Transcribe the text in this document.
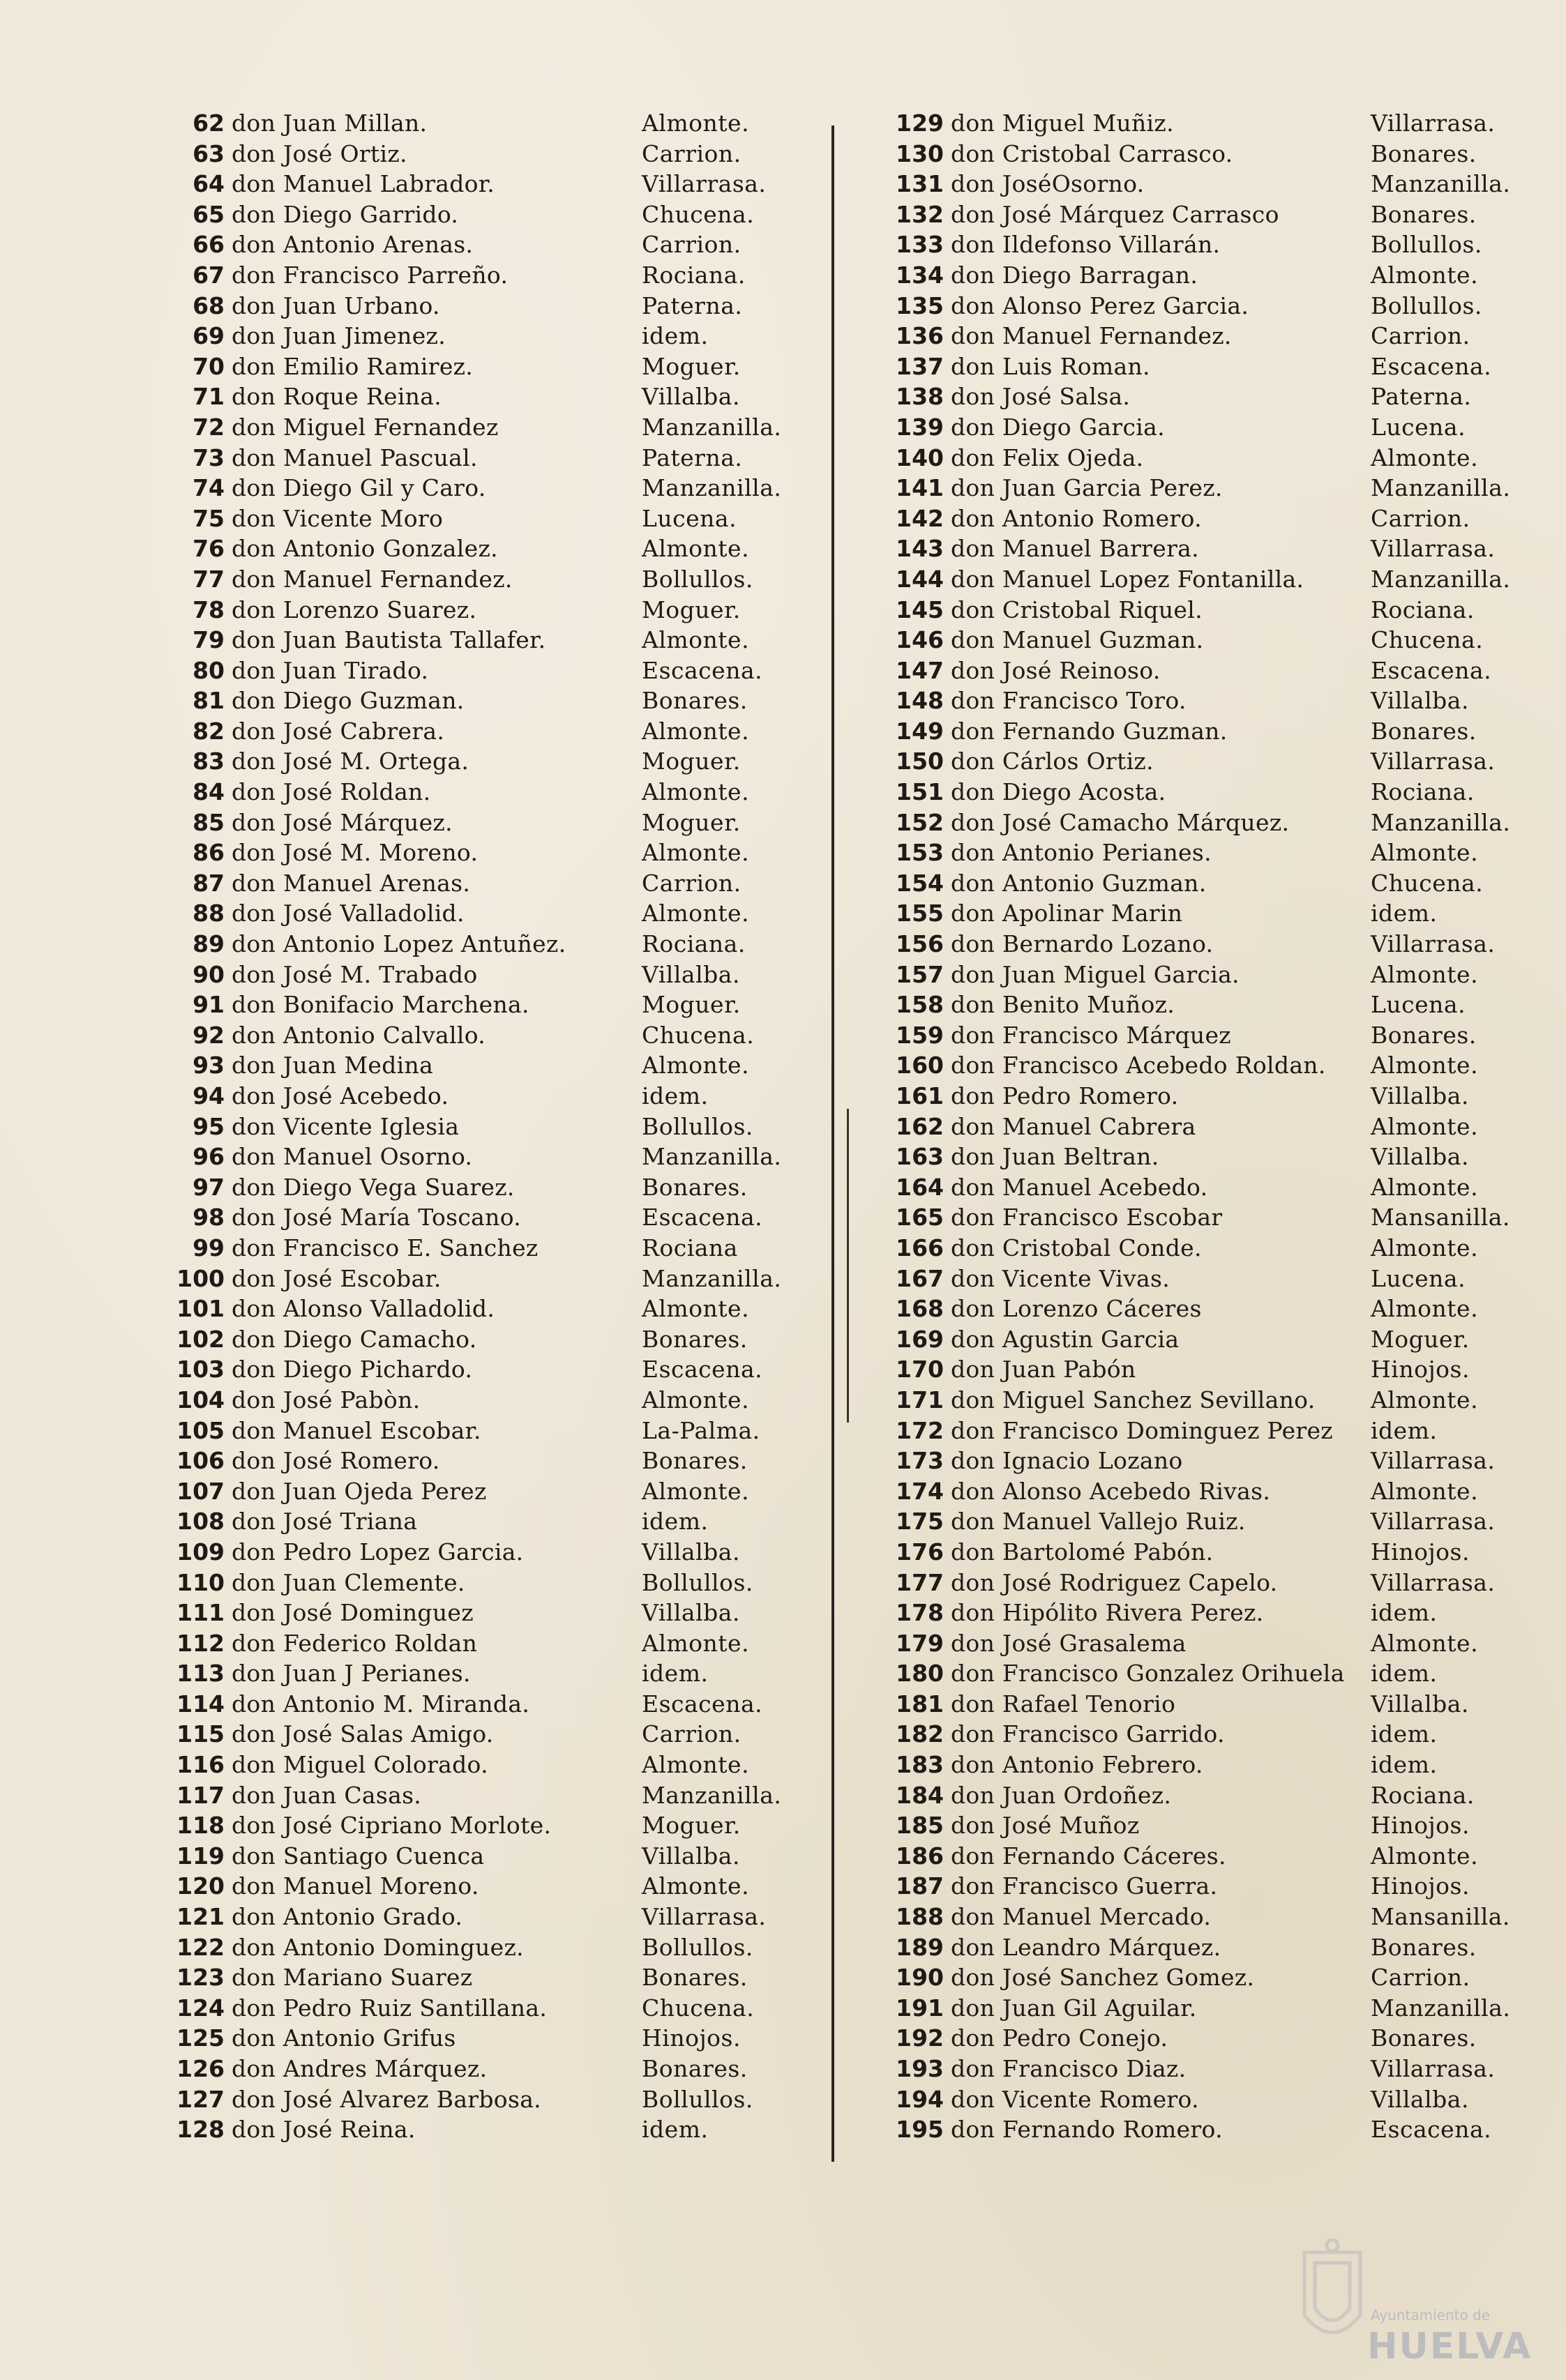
62 don Juan Millan.	Almonte.
63 don José Ortiz.	Carrion.
64 don Manuel Labrador.	Villarrasa.
65 don Diego Garrido.	Chucena.
66 don Antonio Arenas.	Carrion.
67 don Francisco Parreño.	Rociana.
68 don Juan Urbano.	Paterna.
69 don Juan Jimenez.	idem.
70 don Emilio Ramirez.	Moguer.
71 don Roque Reina.	Villalba.
72 don Miguel Fernandez	Manzanilla.
73 don Manuel Pascual.	Paterna.
74 don Diego Gil y Caro.	Manzanilla.
75 don Vicente Moro	Lucena.
76 don Antonio Gonzalez.	Almonte.
77 don Manuel Fernandez.	Bollullos.
78 don Lorenzo Suarez.	Moguer.
79 don Juan Bautista Tallafer.	Almonte.
80 don Juan Tirado.	Escacena.
81 don Diego Guzman.	Bonares.
82 don José Cabrera.	Almonte.
83 don José M. Ortega.	Moguer.
84 don José Roldan.	Almonte.
85 don José Márquez.	Moguer.
86 don José M. Moreno.	Almonte.
87 don Manuel Arenas.	Carrion.
88 don José Valladolid.	Almonte.
89 don Antonio Lopez Antuñez.	Rociana.
90 don José M. Trabado	Villalba.
91 don Bonifacio Marchena.	Moguer.
92 don Antonio Calvallo.	Chucena.
93 don Juan Medina	Almonte.
94 don José Acebedo.	idem.
95 don Vicente Iglesia	Bollullos.
96 don Manuel Osorno.	Manzanilla.
97 don Diego Vega Suarez.	Bonares.
98 don José María Toscano.	Escacena.
99 don Francisco E. Sanchez	Rociana
100 don José Escobar.	Manzanilla.
101 don Alonso Valladolid.	Almonte.
102 don Diego Camacho.	Bonares.
103 don Diego Pichardo.	Escacena.
104 don José Pabòn.	Almonte.
105 don Manuel Escobar.	La-Palma.
106 don José Romero.	Bonares.
107 don Juan Ojeda Perez	Almonte.
108 don José Triana	idem.
109 don Pedro Lopez Garcia.	Villalba.
110 don Juan Clemente.	Bollullos.
111 don José Dominguez	Villalba.
112 don Federico Roldan	Almonte.
113 don Juan J Perianes.	idem.
114 don Antonio M. Miranda.	Escacena.
115 don José Salas Amigo.	Carrion.
116 don Miguel Colorado.	Almonte.
117 don Juan Casas.	Manzanilla.
118 don José Cipriano Morlote.	Moguer.
119 don Santiago Cuenca	Villalba.
120 don Manuel Moreno.	Almonte.
121 don Antonio Grado.	Villarrasa.
122 don Antonio Dominguez.	Bollullos.
123 don Mariano Suarez	Bonares.
124 don Pedro Ruiz Santillana.	Chucena.
125 don Antonio Grifus	Hinojos.
126 don Andres Márquez.	Bonares.
127 don José Alvarez Barbosa.	Bollullos.
128 don José Reina.	idem.
129 don Miguel Muñiz.	Villarrasa.
130 don Cristobal Carrasco.	Bonares.
131 don JoséOsorno.	Manzanilla.
132 don José Márquez Carrasco	Bonares.
133 don Ildefonso Villarán.	Bollullos.
134 don Diego Barragan.	Almonte.
135 don Alonso Perez Garcia.	Bollullos.
136 don Manuel Fernandez.	Carrion.
137 don Luis Roman.	Escacena.
138 don José Salsa.	Paterna.
139 don Diego Garcia.	Lucena.
140 don Felix Ojeda.	Almonte.
141 don Juan Garcia Perez.	Manzanilla.
142 don Antonio Romero.	Carrion.
143 don Manuel Barrera.	Villarrasa.
144 don Manuel Lopez Fontanilla.	Manzanilla.
145 don Cristobal Riquel.	Rociana.
146 don Manuel Guzman.	Chucena.
147 don José Reinoso.	Escacena.
148 don Francisco Toro.	Villalba.
149 don Fernando Guzman.	Bonares.
150 don Cárlos Ortiz.	Villarrasa.
151 don Diego Acosta.	Rociana.
152 don José Camacho Márquez.	Manzanilla.
153 don Antonio Perianes.	Almonte.
154 don Antonio Guzman.	Chucena.
155 don Apolinar Marin	idem.
156 don Bernardo Lozano.	Villarrasa.
157 don Juan Miguel Garcia.	Almonte.
158 don Benito Muñoz.	Lucena.
159 don Francisco Márquez	Bonares.
160 don Francisco Acebedo Roldan. Almonte.
161 don Pedro Romero.	Villalba.
162 don Manuel Cabrera	Almonte.
163 don Juan Beltran.	Villalba.
164 don Manuel Acebedo.	Almonte.
165 don Francisco Escobar	Mansanilla.
166 don Cristobal Conde.	Almonte.
167 don Vicente Vivas.	Lucena.
168 don Lorenzo Cáceres	Almonte.
169 don Agustin Garcia	Moguer.
170 don Juan Pabón	Hinojos.
171 don Miguel Sanchez Sevillano. Almonte.
172 don Francisco Dominguez Perez idem.
173 don Ignacio Lozano	Villarrasa.
174 don Alonso Acebedo Rivas.	Almonte.
175 don Manuel Vallejo Ruiz.	Villarrasa.
176 don Bartolomé Pabón.	Hinojos.
177 don José Rodriguez Capelo.	Villarrasa.
178 don Hipólito Rivera Perez.	idem.
179 don José Grasalema	Almonte.
180 don Francisco Gonzalez Orihuela idem.
181 don Rafael Tenorio	Villalba.
182 don Francisco Garrido.	idem.
183 don Antonio Febrero.	idem.
184 don Juan Ordoñez.	Rociana.
185 don José Muñoz	Hinojos.
186 don Fernando Cáceres.	Almonte.
187 don Francisco Guerra.	Hinojos.
188 don Manuel Mercado.	Mansanilla.
189 don Leandro Márquez.	Bonares.
190 don José Sanchez Gomez.	Carrion.
191 don Juan Gil Aguilar.	Manzanilla.
192 don Pedro Conejo.	Bonares.
193 don Francisco Diaz.	Villarrasa.
194 don Vicente Romero.	Villalba.
195 don Fernando Romero.	Escacena.
Ayuntamiento de
HUELVA
